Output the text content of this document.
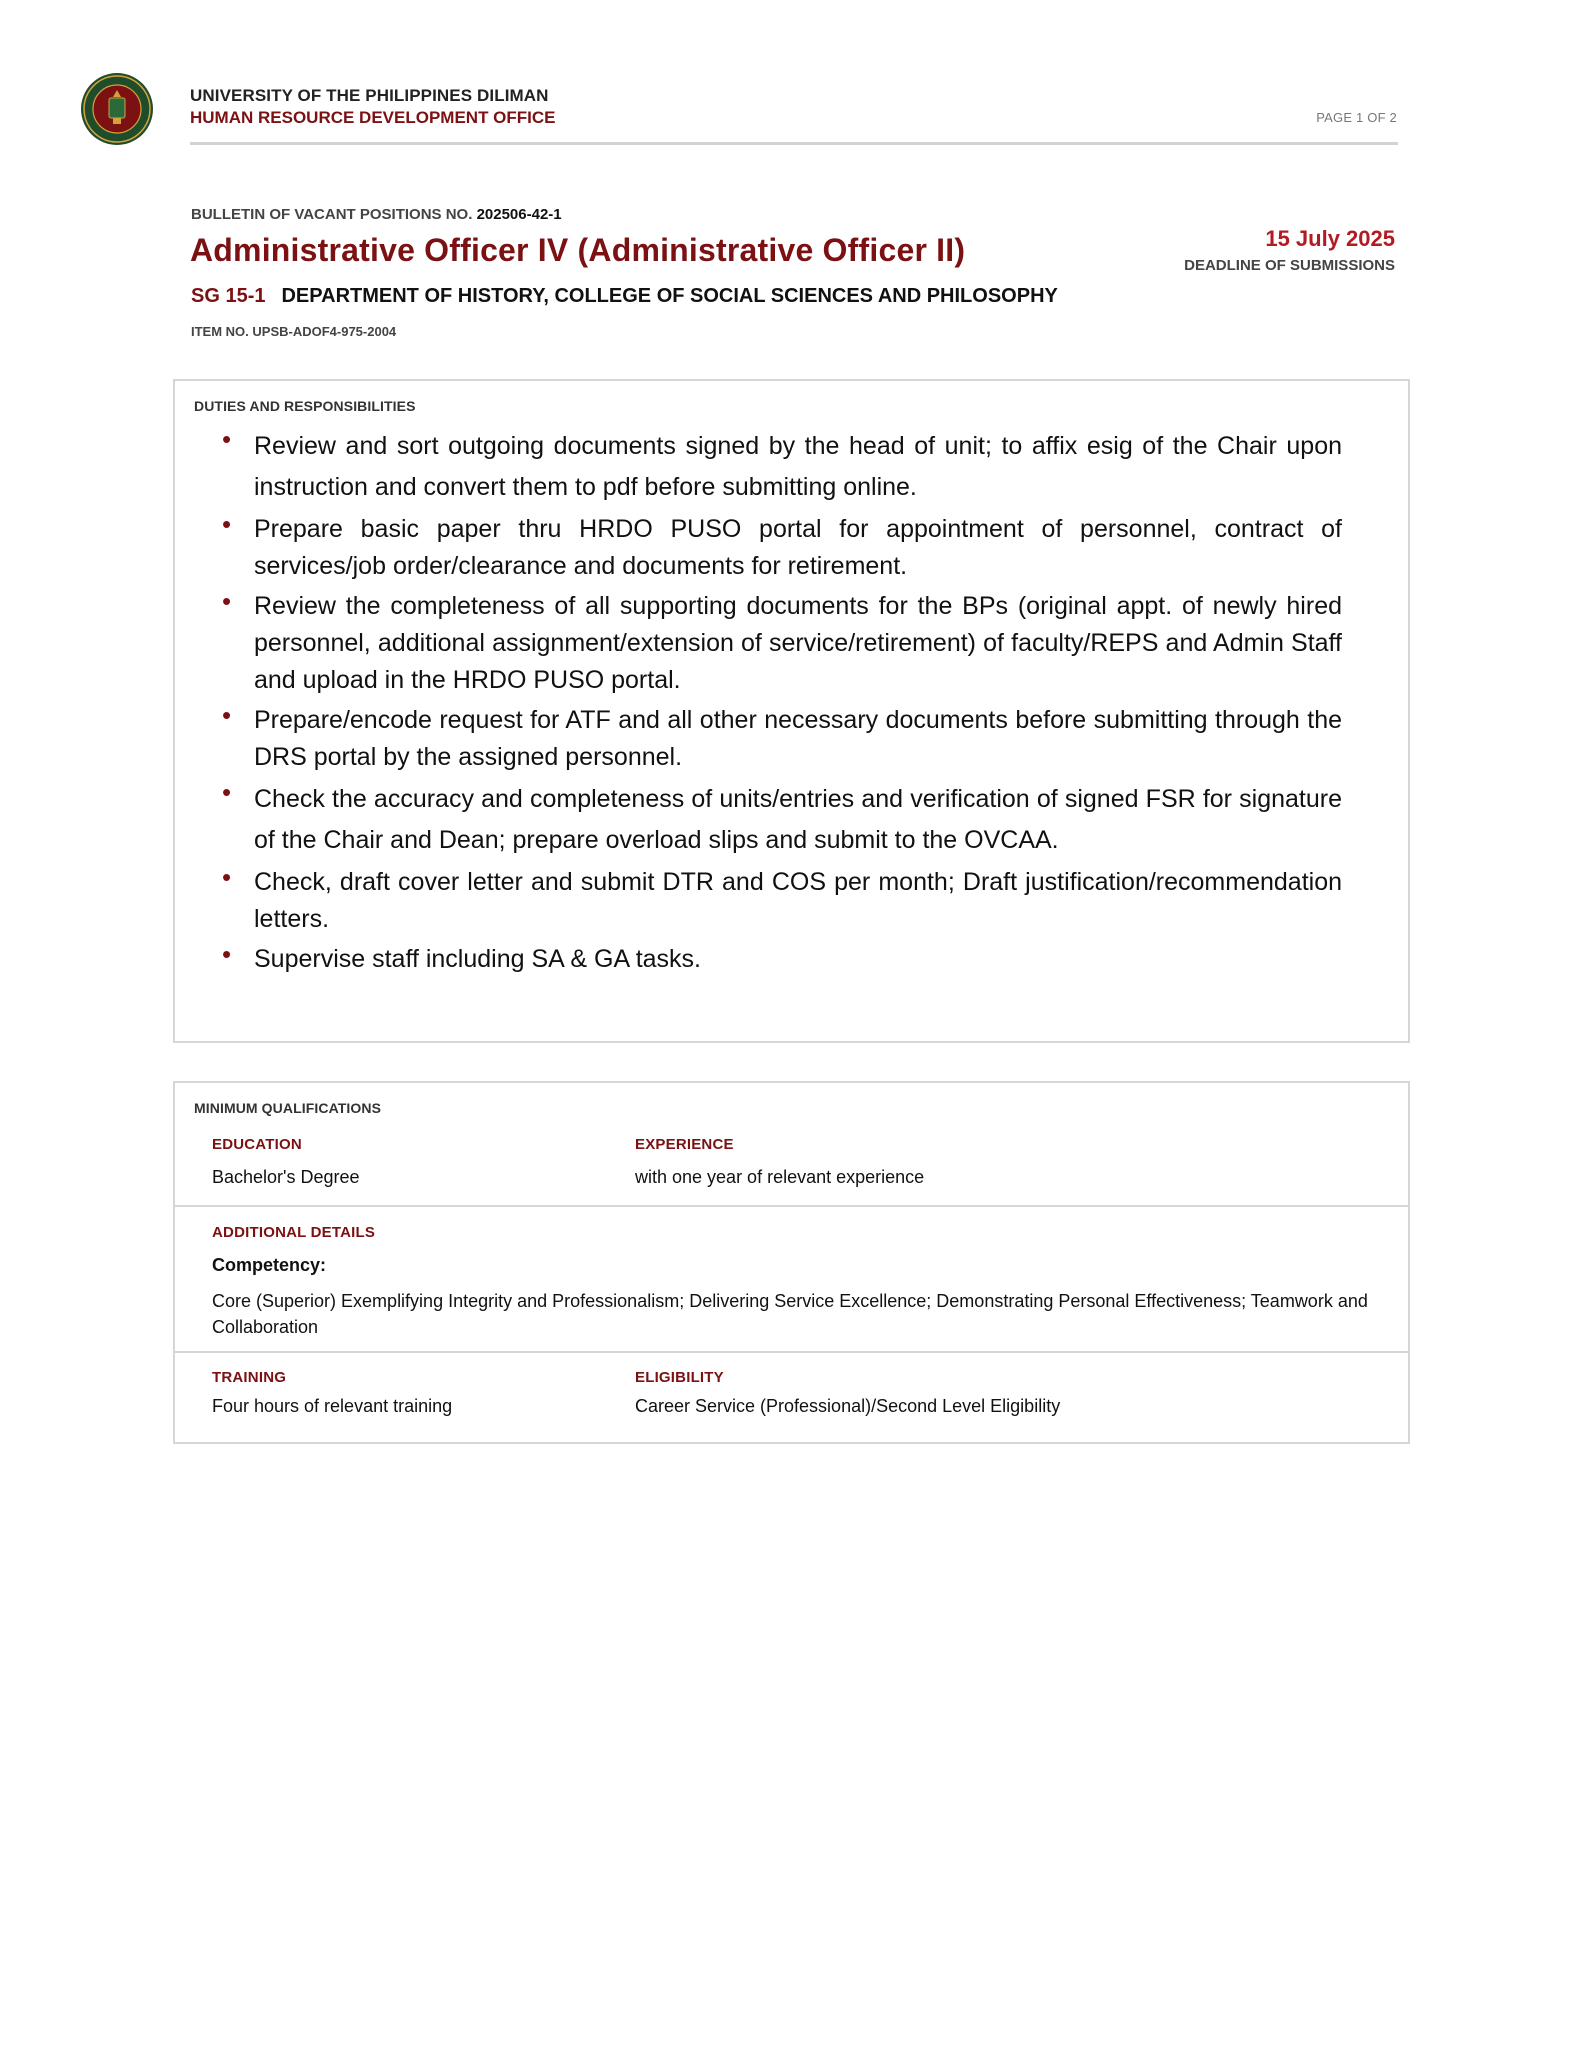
UNIVERSITY OF THE PHILIPPINES DILIMAN
HUMAN RESOURCE DEVELOPMENT OFFICE	PAGE 1 OF 2
BULLETIN OF VACANT POSITIONS NO. 202506-42-1
Administrative Officer IV (Administrative Officer II)	15 July 2025
DEADLINE OF SUBMISSIONS
SG 15-1 DEPARTMENT OF HISTORY, COLLEGE OF SOCIAL SCIENCES AND PHILOSOPHY
ITEM NO. UPSB-ADOF4-975-2004
DUTIES AND RESPONSIBILITIES
• Review and sort outgoing documents signed by the head of unit; to affix esig of the Chair upon instruction and convert them to pdf before submitting online.
• Prepare basic paper thru HRDO PUSO portal for appointment of personnel, contract of services/job order/clearance and documents for retirement.
• Review the completeness of all supporting documents for the BPs (original appt. of newly hired personnel, additional assignment/extension of service/retirement) of faculty/REPS and Admin Staff and upload in the HRDO PUSO portal.
• Prepare/encode request for ATF and all other necessary documents before submitting through the DRS portal by the assigned personnel.
• Check the accuracy and completeness of units/entries and verification of signed FSR for signature of the Chair and Dean; prepare overload slips and submit to the OVCAA.
• Check, draft cover letter and submit DTR and COS per month; Draft justification/recommendation letters.
• Supervise staff including SA & GA tasks.
MINIMUM QUALIFICATIONS
EDUCATION
Bachelor's Degree
EXPERIENCE
with one year of relevant experience
ADDITIONAL DETAILS
Competency:
Core (Superior) Exemplifying Integrity and Professionalism; Delivering Service Excellence; Demonstrating Personal Effectiveness; Teamwork and Collaboration
TRAINING
Four hours of relevant training
ELIGIBILITY
Career Service (Professional)/Second Level Eligibility
